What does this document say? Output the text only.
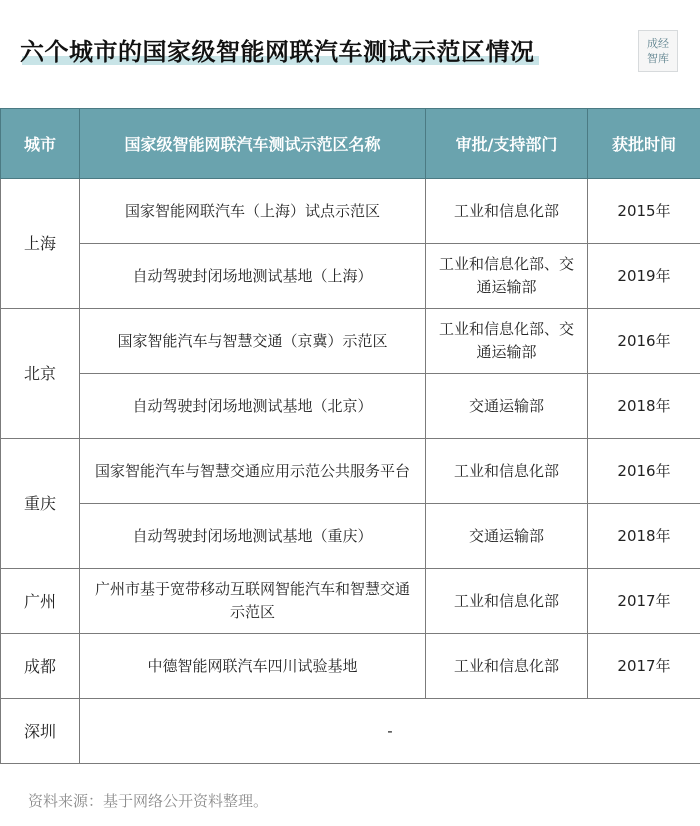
六个城市的国家级智能网联汽车测试示范区情况	成经
智库
城市	国家级智能网联汽车测试示范区名称	审批/支持部门	获批时间
上海	国家智能网联汽车（上海）试点示范区	工业和信息化部	2015年
	自动驾驶封闭场地测试基地（上海）	工业和信息化部、交通运输部	2019年
北京	国家智能汽车与智慧交通（京冀）示范区	工业和信息化部、交通运输部	2016年
	自动驾驶封闭场地测试基地（北京）	交通运输部	2018年
重庆	国家智能汽车与智慧交通应用示范公共服务平台	工业和信息化部	2016年
	自动驾驶封闭场地测试基地（重庆）	交通运输部	2018年
广州	广州市基于宽带移动互联网智能汽车和智慧交通示范区	工业和信息化部	2017年
成都	中德智能网联汽车四川试验基地	工业和信息化部	2017年
深圳	-		
资料来源：基于网络公开资料整理。
